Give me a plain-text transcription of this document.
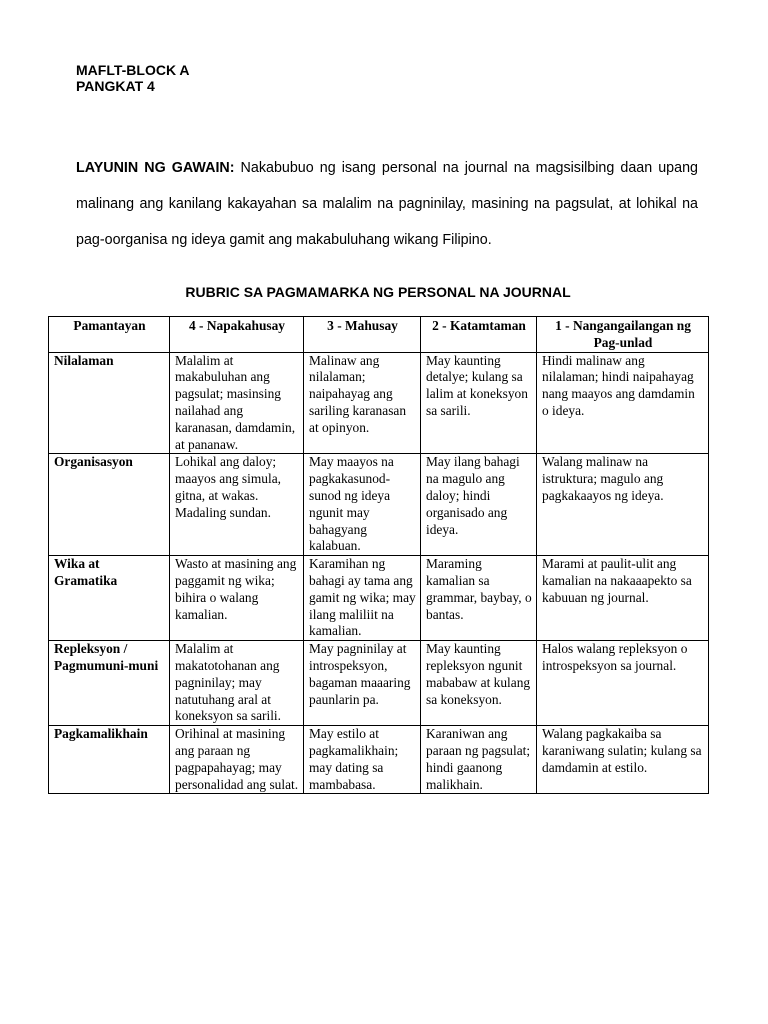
MAFLT-BLOCK A
PANGKAT 4
LAYUNIN NG GAWAIN: Nakabubuo ng isang personal na journal na magsisilbing daan upang malinang ang kanilang kakayahan sa malalim na pagninilay, masining na pagsulat, at lohikal na pag-oorganisa ng ideya gamit ang makabuluhang wikang Filipino.
RUBRIC SA PAGMAMARKA NG PERSONAL NA JOURNAL
Pamantayan	4 - Napakahusay	3 - Mahusay	2 - Katamtaman	1 - Nangangailangan ng Pag-unlad
Nilalaman	Malalim at makabuluhan ang pagsulat; masinsing nailahad ang karanasan, damdamin, at pananaw.	Malinaw ang nilalaman; naipahayag ang sariling karanasan at opinyon.	May kaunting detalye; kulang sa lalim at koneksyon sa sarili.	Hindi malinaw ang nilalaman; hindi naipahayag nang maayos ang damdamin o ideya.
Organisasyon	Lohikal ang daloy; maayos ang simula, gitna, at wakas. Madaling sundan.	May maayos na pagkakasunod-sunod ng ideya ngunit may bahagyang kalabuan.	May ilang bahagi na magulo ang daloy; hindi organisado ang ideya.	Walang malinaw na istruktura; magulo ang pagkakaayos ng ideya.
Wika at Gramatika	Wasto at masining ang paggamit ng wika; bihira o walang kamalian.	Karamihan ng bahagi ay tama ang gamit ng wika; may ilang maliliit na kamalian.	Maraming kamalian sa grammar, baybay, o bantas.	Marami at paulit-ulit ang kamalian na nakaaapekto sa kabuuan ng journal.
Repleksyon / Pagmumuni-muni	Malalim at makatotohanan ang pagninilay; may natutuhang aral at koneksyon sa sarili.	May pagninilay at introspeksyon, bagaman maaaring paunlarin pa.	May kaunting repleksyon ngunit mababaw at kulang sa koneksyon.	Halos walang repleksyon o introspeksyon sa journal.
Pagkamalikhain	Orihinal at masining ang paraan ng pagpapahayag; may personalidad ang sulat.	May estilo at pagkamalikhain; may dating sa mambabasa.	Karaniwan ang paraan ng pagsulat; hindi gaanong malikhain.	Walang pagkakaiba sa karaniwang sulatin; kulang sa damdamin at estilo.
